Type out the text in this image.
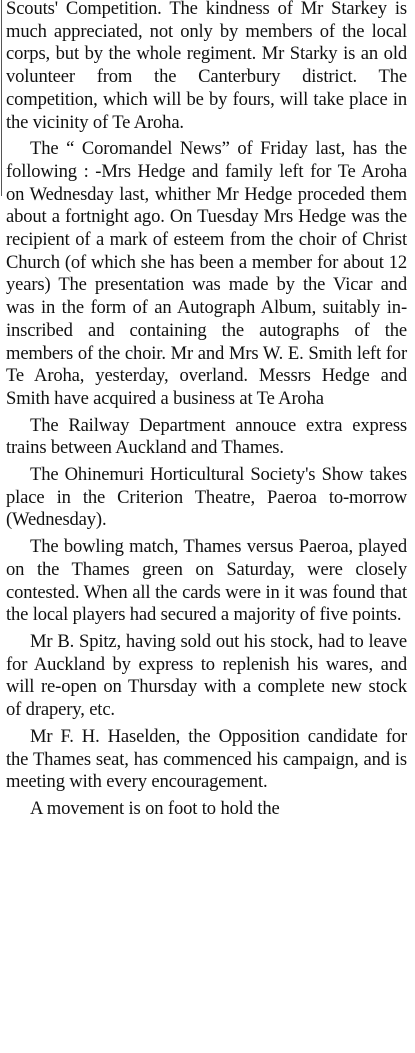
Scouts' Competition. The kindness of Mr Starkey is much appreciated, not only by members of the local corps, but by the whole regiment. Mr Starky is an old volunteer from the Canterbury district. The competition, which will be by fours, will take place in the vicinity of Te Aroha.

The “ Coromandel News” of Friday last, has the following : -Mrs Hedge and family left for Te Aroha on Wednesday last, whither Mr Hedge proceded them about a fortnight ago. On Tuesday Mrs Hedge was the recipient of a mark of esteem from the choir of Christ Church (of which she has been a member for about 12 years) The presentation was made by the Vicar and was in the form of an Autograph Album, suitably in-inscribed and containing the autographs of the members of the choir. Mr and Mrs W. E. Smith left for Te Aroha, yesterday, overland. Messrs Hedge and Smith have acquired a business at Te Aroha

The Railway Department annouce extra express trains between Auckland and Thames.

The Ohinemuri Horticultural Society's Show takes place in the Criterion Theatre, Paeroa to-morrow (Wednesday).

The bowling match, Thames versus Paeroa, played on the Thames green on Saturday, were closely contested. When all the cards were in it was found that the local players had secured a majority of five points.

Mr B. Spitz, having sold out his stock, had to leave for Auckland by express to replenish his wares, and will re-open on Thursday with a complete new stock of drapery, etc.

Mr F. H. Haselden, the Opposition candidate for the Thames seat, has commenced his campaign, and is meeting with every encouragement.

A movement is on foot to hold the
